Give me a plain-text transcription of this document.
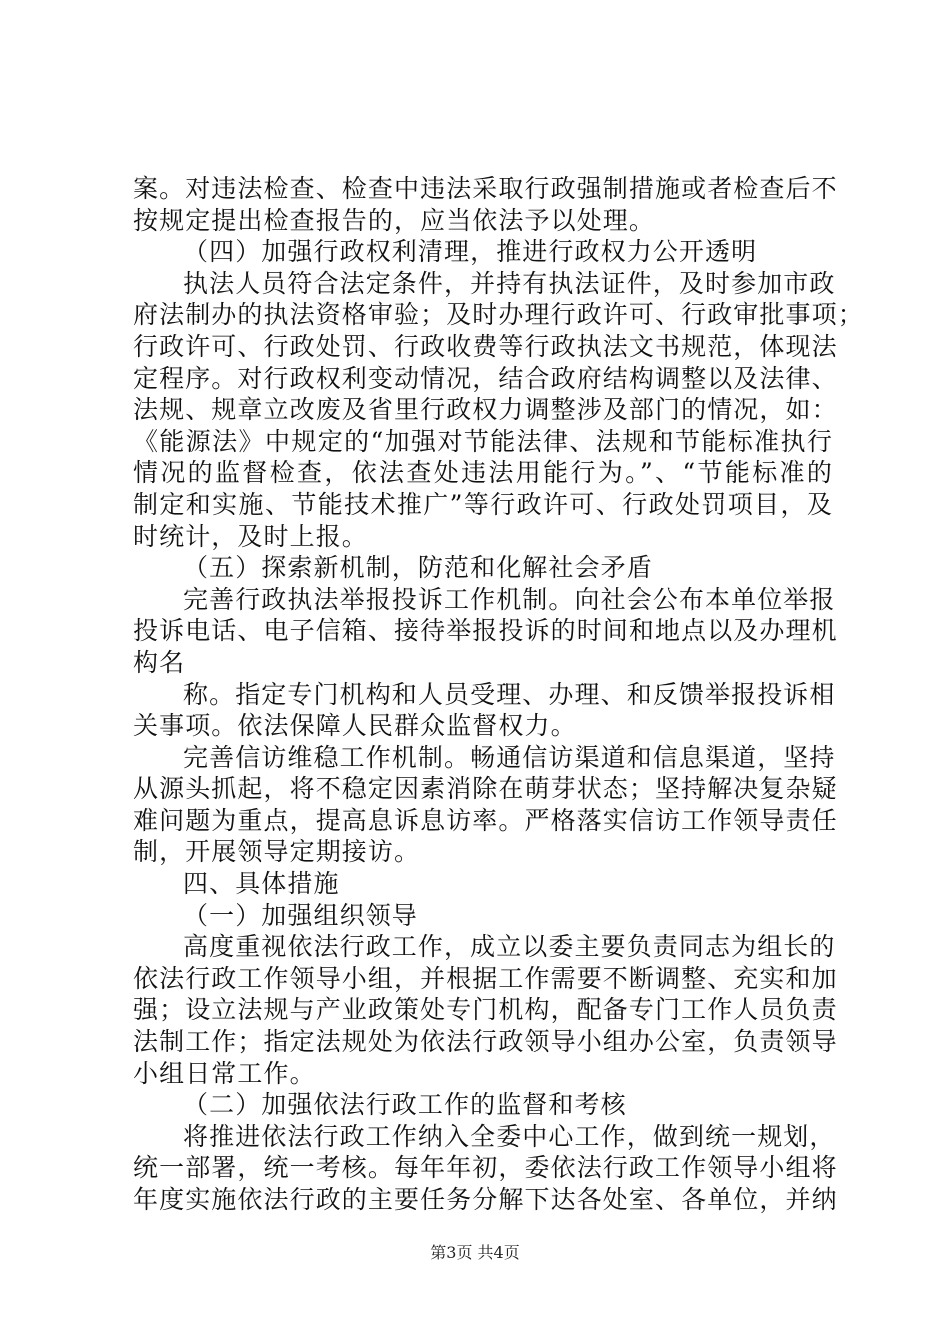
案。对违法检查、检查中违法采取行政强制措施或者检查后不
按规定提出检查报告的，应当依法予以处理。
（四）加强行政权利清理，推进行政权力公开透明
执法人员符合法定条件，并持有执法证件，及时参加市政
府法制办的执法资格审验；及时办理行政许可、行政审批事项；
行政许可、行政处罚、行政收费等行政执法文书规范，体现法
定程序。对行政权利变动情况，结合政府结构调整以及法律、
法规、规章立改废及省里行政权力调整涉及部门的情况，如：
《能源法》中规定的“加强对节能法律、法规和节能标准执行
情况的监督检查，依法查处违法用能行为。”、“节能标准的
制定和实施、节能技术推广”等行政许可、行政处罚项目，及
时统计，及时上报。
（五）探索新机制，防范和化解社会矛盾
完善行政执法举报投诉工作机制。向社会公布本单位举报
投诉电话、电子信箱、接待举报投诉的时间和地点以及办理机
构名
称。指定专门机构和人员受理、办理、和反馈举报投诉相
关事项。依法保障人民群众监督权力。
完善信访维稳工作机制。畅通信访渠道和信息渠道，坚持
从源头抓起，将不稳定因素消除在萌芽状态；坚持解决复杂疑
难问题为重点，提高息诉息访率。严格落实信访工作领导责任
制，开展领导定期接访。
四、具体措施
（一）加强组织领导
高度重视依法行政工作，成立以委主要负责同志为组长的
依法行政工作领导小组，并根据工作需要不断调整、充实和加
强；设立法规与产业政策处专门机构，配备专门工作人员负责
法制工作；指定法规处为依法行政领导小组办公室，负责领导
小组日常工作。
（二）加强依法行政工作的监督和考核
将推进依法行政工作纳入全委中心工作，做到统一规划，
统一部署，统一考核。每年年初，委依法行政工作领导小组将
年度实施依法行政的主要任务分解下达各处室、各单位，并纳
第3页 共4页
